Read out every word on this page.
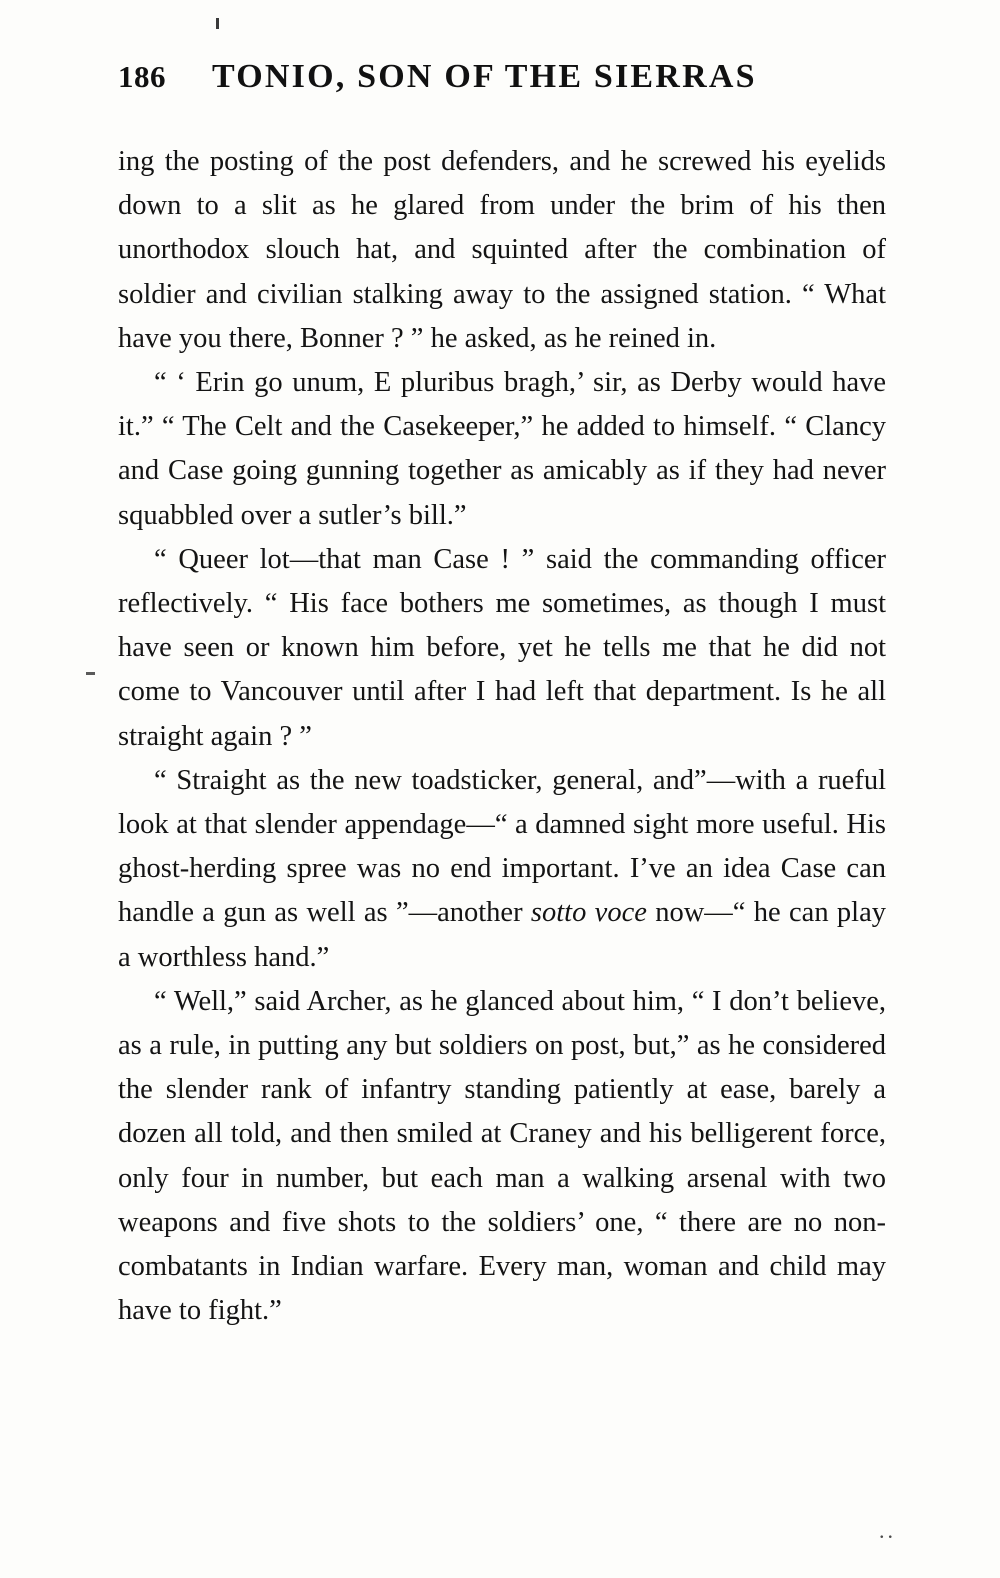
186 TONIO, SON OF THE SIERRAS

ing the posting of the post defenders, and he screwed his eyelids down to a slit as he glared from under the brim of his then unorthodox slouch hat, and squinted after the combination of soldier and civilian stalking away to the assigned station. “ What have you there, Bonner ? ” he asked, as he reined in.

“ ‘ Erin go unum, E pluribus bragh,’ sir, as Derby would have it.” “ The Celt and the Casekeeper,” he added to himself. “ Clancy and Case going gunning together as amicably as if they had never squabbled over a sutler’s bill.”

“ Queer lot—that man Case ! ” said the commanding officer reflectively. “ His face bothers me sometimes, as though I must have seen or known him before, yet he tells me that he did not come to Vancouver until after I had left that department. Is he all straight again ? ”

“ Straight as the new toadsticker, general, and”—with a rueful look at that slender appendage—“ a damned sight more useful. His ghost-herding spree was no end important. I’ve an idea Case can handle a gun as well as ”—another sotto voce now—“ he can play a worthless hand.”

“ Well,” said Archer, as he glanced about him, “ I don’t believe, as a rule, in putting any but soldiers on post, but,” as he considered the slender rank of infantry standing patiently at ease, barely a dozen all told, and then smiled at Craney and his belligerent force, only four in number, but each man a walking arsenal with two weapons and five shots to the soldiers’ one, “ there are no non-combatants in Indian warfare. Every man, woman and child may have to fight.”

..
